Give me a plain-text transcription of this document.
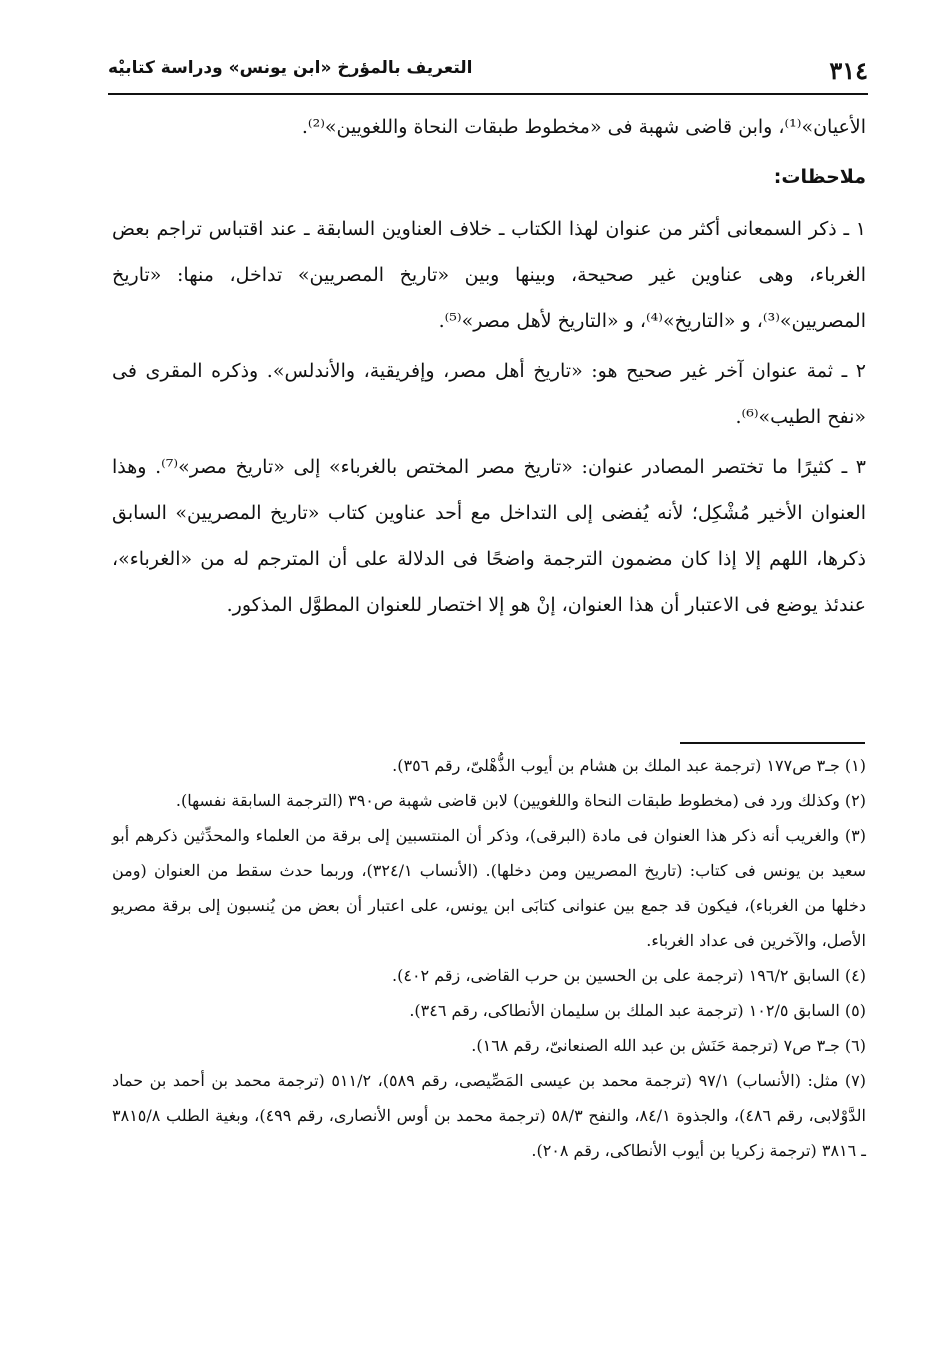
٣١٤
التعريف بالمؤرخ «ابن يونس» ودراسة كتابيْه

الأعيان»⁽¹⁾، وابن قاضى شهبة فى «مخطوط طبقات النحاة واللغويين»⁽²⁾.

ملاحظات:

١ ـ ذكر السمعانى أكثر من عنوان لهذا الكتاب ـ خلاف العناوين السابقة ـ عند اقتباس تراجم بعض الغرباء، وهى عناوين غير صحيحة، وبينها وبين «تاريخ المصريين» تداخل، منها: «تاريخ المصريين»⁽³⁾، و «التاريخ»⁽⁴⁾، و «التاريخ لأهل مصر»⁽⁵⁾.

٢ ـ ثمة عنوان آخر غير صحيح هو: «تاريخ أهل مصر، وإفريقية، والأندلس». وذكره المقرى فى «نفح الطيب»⁽⁶⁾.

٣ ـ كثيرًا ما تختصر المصادر عنوان: «تاريخ مصر المختص بالغرباء» إلى «تاريخ مصر»⁽⁷⁾. وهذا العنوان الأخير مُشْكِل؛ لأنه يُفضى إلى التداخل مع أحد عناوين كتاب «تاريخ المصريين» السابق ذكرها، اللهم إلا إذا كان مضمون الترجمة واضحًا فى الدلالة على أن المترجم له من «الغرباء»، عندئذ يوضع فى الاعتبار أن هذا العنوان، إنْ هو إلا اختصار للعنوان المطوَّل المذكور.

(١) جـ٣ ص١٧٧ (ترجمة عبد الملك بن هشام بن أيوب الذُّهْلىّ، رقم ٣٥٦).

(٢) وكذلك ورد فى (مخطوط طبقات النحاة واللغويين) لابن قاضى شهبة ص٣٩٠ (الترجمة السابقة نفسها).

(٣) والغريب أنه ذكر هذا العنوان فى مادة (البرقى)، وذكر أن المنتسبين إلى برقة من العلماء والمحدِّثين ذكرهم أبو سعيد بن يونس فى كتاب: (تاريخ المصريين ومن دخلها). (الأنساب ٣٢٤/١)، وربما حدث سقط من العنوان (ومن دخلها من الغرباء)، فيكون قد جمع بين عنوانى كتابَى ابن يونس، على اعتبار أن بعض من يُنسبون إلى برقة مصريو الأصل، والآخرين فى عداد الغرباء.

(٤) السابق ١٩٦/٢ (ترجمة على بن الحسين بن حرب القاضى، زقم ٤٠٢).

(٥) السابق ١٠٢/٥ (ترجمة عبد الملك بن سليمان الأنطاكى، رقم ٣٤٦).

(٦) جـ٣ ص٧ (ترجمة حَنَش بن عبد الله الصنعانىّ، رقم ١٦٨).

(٧) مثل: (الأنساب) ٩٧/١ (ترجمة محمد بن عيسى المَصِّيصى، رقم ٥٨٩)، ٥١١/٢ (ترجمة محمد بن أحمد بن حماد الدَّوْلابى، رقم ٤٨٦)، والجذوة ٨٤/١، والنفح ٥٨/٣ (ترجمة محمد بن أوس الأنصارى، رقم ٤٩٩)، وبغية الطلب ٣٨١٥/٨ ـ ٣٨١٦ (ترجمة زكريا بن أيوب الأنطاكى، رقم ٢٠٨).
